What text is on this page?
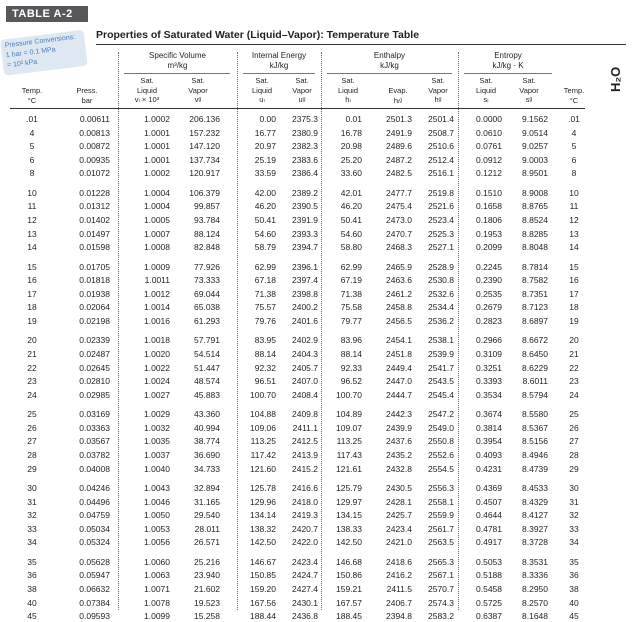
TABLE A-2
Pressure Conversions:
1 bar = 0.1 MPa
= 10² kPa
Properties of Saturated Water (Liquid–Vapor): Temperature Table
H₂O
Specific Volume
m³/kg
Internal Energy
kJ/kg
Enthalpy
kJ/kg
Entropy
kJ/kg · K
Temp.
°C
Press.
bar
Sat.
Liquid
vₗ × 10³
Sat.
Vapor
vᵍ
Sat.
Liquid
uₗ
Sat.
Vapor
uᵍ
Sat.
Liquid
hₗ
Evap.
hₗᵍ
Sat.
Vapor
hᵍ
Sat.
Liquid
sₗ
Sat.
Vapor
sᵍ
Temp.
°C
.01	0.00611	1.0002	206.136	0.00	2375.3	0.01	2501.3	2501.4	0.0000	9.1562	.01
4	0.00813	1.0001	157.232	16.77	2380.9	16.78	2491.9	2508.7	0.0610	9.0514	4
5	0.00872	1.0001	147.120	20.97	2382.3	20.98	2489.6	2510.6	0.0761	9.0257	5
6	0.00935	1.0001	137.734	25.19	2383.6	25.20	2487.2	2512.4	0.0912	9.0003	6
8	0.01072	1.0002	120.917	33.59	2386.4	33.60	2482.5	2516.1	0.1212	8.9501	8
10	0.01228	1.0004	106.379	42.00	2389.2	42.01	2477.7	2519.8	0.1510	8.9008	10
11	0.01312	1.0004	99.857	46.20	2390.5	46.20	2475.4	2521.6	0.1658	8.8765	11
12	0.01402	1.0005	93.784	50.41	2391.9	50.41	2473.0	2523.4	0.1806	8.8524	12
13	0.01497	1.0007	88.124	54.60	2393.3	54.60	2470.7	2525.3	0.1953	8.8285	13
14	0.01598	1.0008	82.848	58.79	2394.7	58.80	2468.3	2527.1	0.2099	8.8048	14
15	0.01705	1.0009	77.926	62.99	2396.1	62.99	2465.9	2528.9	0.2245	8.7814	15
16	0.01818	1.0011	73.333	67.18	2397.4	67.19	2463.6	2530.8	0.2390	8.7582	16
17	0.01938	1.0012	69.044	71.38	2398.8	71.38	2461.2	2532.6	0.2535	8.7351	17
18	0.02064	1.0014	65.038	75.57	2400.2	75.58	2458.8	2534.4	0.2679	8.7123	18
19	0.02198	1.0016	61.293	79.76	2401.6	79.77	2456.5	2536.2	0.2823	8.6897	19
20	0.02339	1.0018	57.791	83.95	2402.9	83.96	2454.1	2538.1	0.2966	8.6672	20
21	0.02487	1.0020	54.514	88.14	2404.3	88.14	2451.8	2539.9	0.3109	8.6450	21
22	0.02645	1.0022	51.447	92.32	2405.7	92.33	2449.4	2541.7	0.3251	8.6229	22
23	0.02810	1.0024	48.574	96.51	2407.0	96.52	2447.0	2543.5	0.3393	8.6011	23
24	0.02985	1.0027	45.883	100.70	2408.4	100.70	2444.7	2545.4	0.3534	8.5794	24
25	0.03169	1.0029	43.360	104.88	2409.8	104.89	2442.3	2547.2	0.3674	8.5580	25
26	0.03363	1.0032	40.994	109.06	2411.1	109.07	2439.9	2549.0	0.3814	8.5367	26
27	0.03567	1.0035	38.774	113.25	2412.5	113.25	2437.6	2550.8	0.3954	8.5156	27
28	0.03782	1.0037	36.690	117.42	2413.9	117.43	2435.2	2552.6	0.4093	8.4946	28
29	0.04008	1.0040	34.733	121.60	2415.2	121.61	2432.8	2554.5	0.4231	8.4739	29
30	0.04246	1.0043	32.894	125.78	2416.6	125.79	2430.5	2556.3	0.4369	8.4533	30
31	0.04496	1.0046	31.165	129.96	2418.0	129.97	2428.1	2558.1	0.4507	8.4329	31
32	0.04759	1.0050	29.540	134.14	2419.3	134.15	2425.7	2559.9	0.4644	8.4127	32
33	0.05034	1.0053	28.011	138.32	2420.7	138.33	2423.4	2561.7	0.4781	8.3927	33
34	0.05324	1.0056	26.571	142.50	2422.0	142.50	2421.0	2563.5	0.4917	8.3728	34
35	0.05628	1.0060	25.216	146.67	2423.4	146.68	2418.6	2565.3	0.5053	8.3531	35
36	0.05947	1.0063	23.940	150.85	2424.7	150.86	2416.2	2567.1	0.5188	8.3336	36
38	0.06632	1.0071	21.602	159.20	2427.4	159.21	2411.5	2570.7	0.5458	8.2950	38
40	0.07384	1.0078	19.523	167.56	2430.1	167.57	2406.7	2574.3	0.5725	8.2570	40
45	0.09593	1.0099	15.258	188.44	2436.8	188.45	2394.8	2583.2	0.6387	8.1648	45
